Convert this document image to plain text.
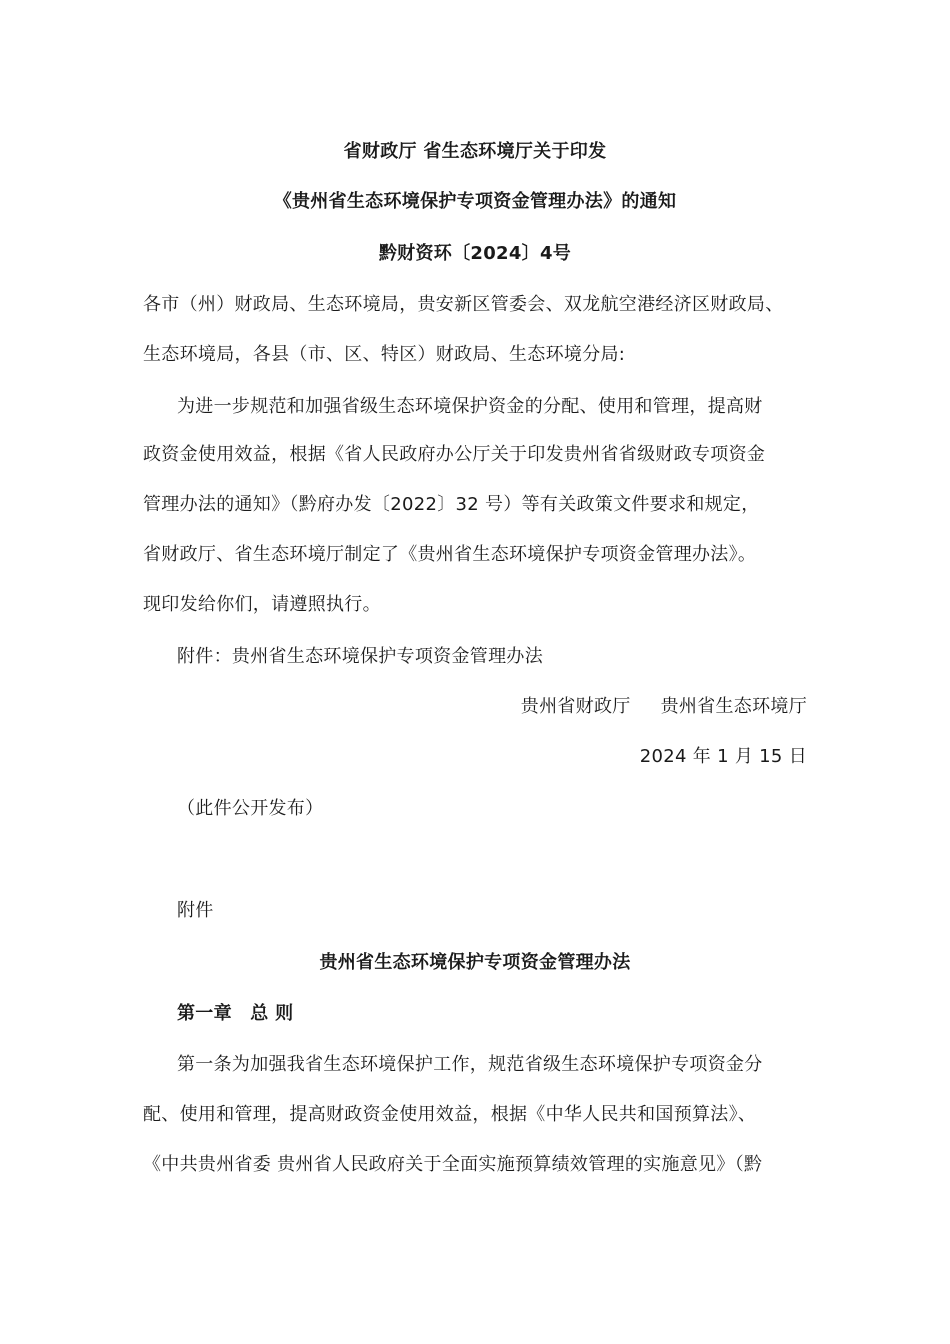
省财政厅 省生态环境厅关于印发
《贵州省生态环境保护专项资金管理办法》的通知
黔财资环〔2024〕4号
各市（州）财政局、生态环境局，贵安新区管委会、双龙航空港经济区财政局、
生态环境局，各县（市、区、特区）财政局、生态环境分局:
为进一步规范和加强省级生态环境保护资金的分配、使用和管理，提高财
政资金使用效益，根据《省人民政府办公厅关于印发贵州省省级财政专项资金
管理办法的通知》（黔府办发〔2022〕32 号）等有关政策文件要求和规定，
省财政厅、省生态环境厅制定了《贵州省生态环境保护专项资金管理办法》。
现印发给你们，请遵照执行。
附件：贵州省生态环境保护专项资金管理办法
贵州省财政厅 贵州省生态环境厅
2024 年 1 月 15 日
（此件公开发布）
附件
贵州省生态环境保护专项资金管理办法
第一章　总 则
第一条为加强我省生态环境保护工作，规范省级生态环境保护专项资金分
配、使用和管理，提高财政资金使用效益，根据《中华人民共和国预算法》、
《中共贵州省委 贵州省人民政府关于全面实施预算绩效管理的实施意见》（黔
